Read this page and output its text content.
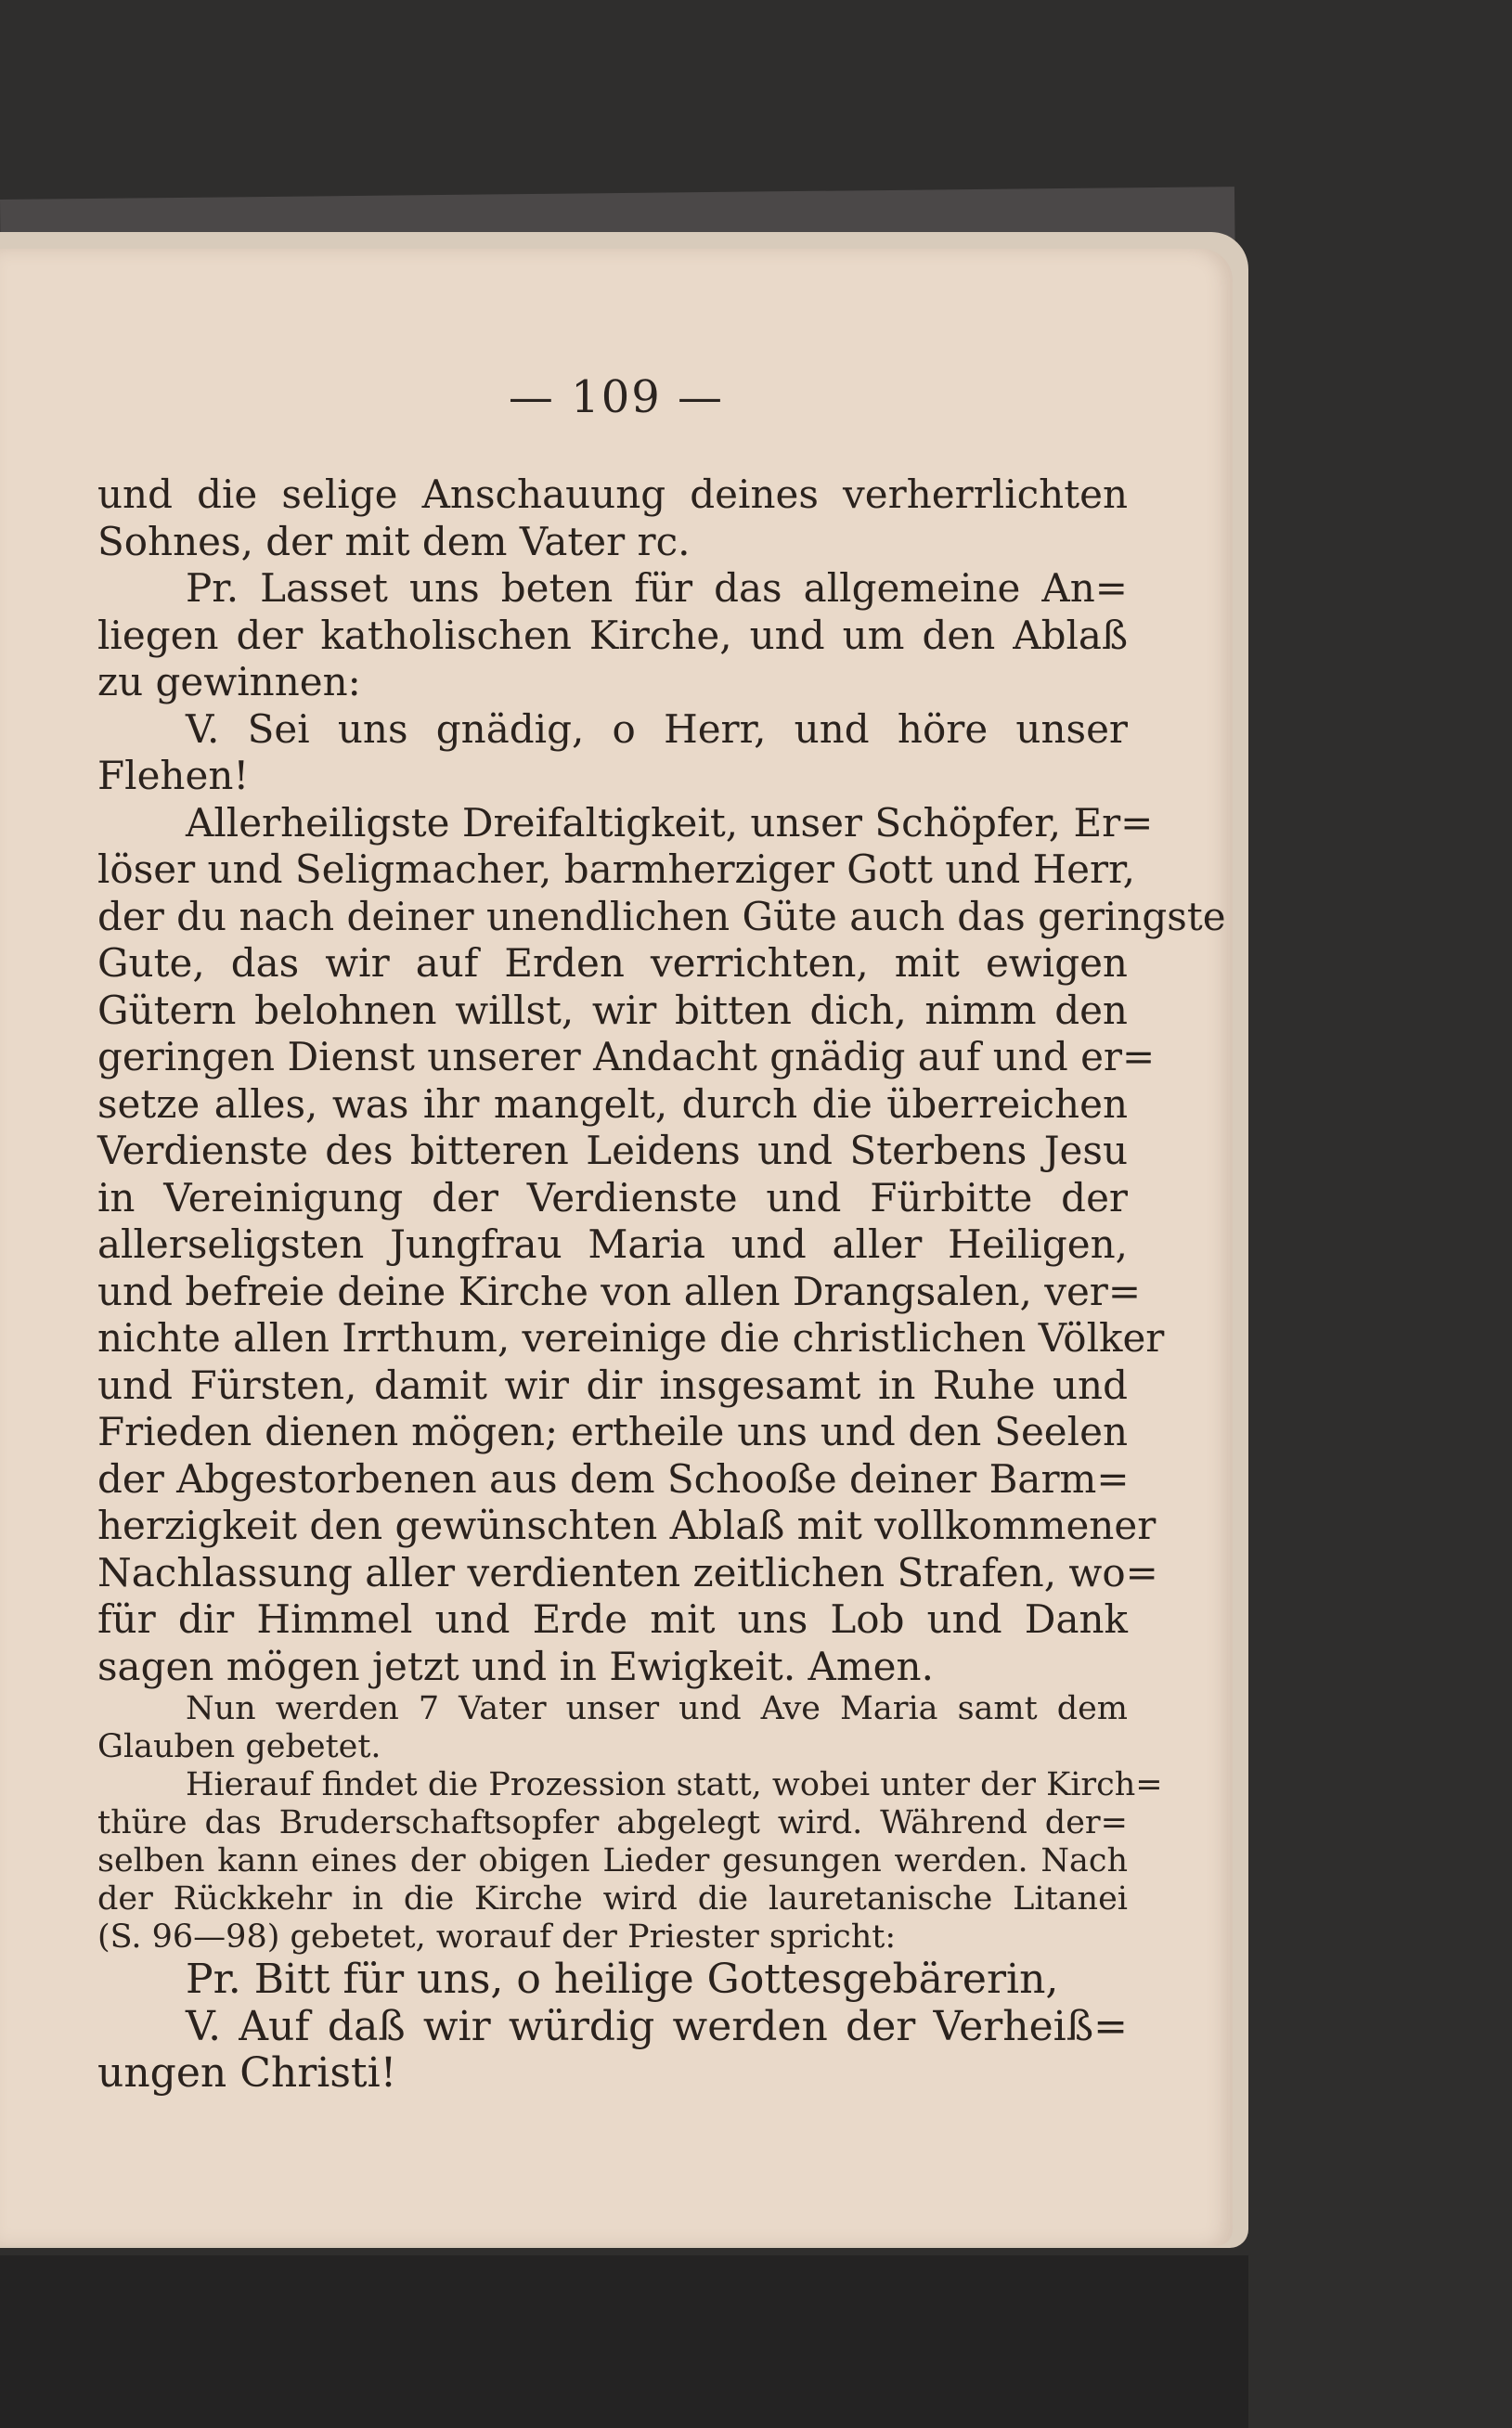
— 109 —
und die selige Anschauung deines verherrlichten
Sohnes, der mit dem Vater rc.
Pr. Lasset uns beten für das allgemeine An=
liegen der katholischen Kirche, und um den Ablaß
zu gewinnen:
V. Sei uns gnädig, o Herr, und höre unser
Flehen!
Allerheiligste Dreifaltigkeit, unser Schöpfer, Er=
löser und Seligmacher, barmherziger Gott und Herr,
der du nach deiner unendlichen Güte auch das geringste
Gute, das wir auf Erden verrichten, mit ewigen
Gütern belohnen willst, wir bitten dich, nimm den
geringen Dienst unserer Andacht gnädig auf und er=
setze alles, was ihr mangelt, durch die überreichen
Verdienste des bitteren Leidens und Sterbens Jesu
in Vereinigung der Verdienste und Fürbitte der
allerseligsten Jungfrau Maria und aller Heiligen,
und befreie deine Kirche von allen Drangsalen, ver=
nichte allen Irrthum, vereinige die christlichen Völker
und Fürsten, damit wir dir insgesamt in Ruhe und
Frieden dienen mögen; ertheile uns und den Seelen
der Abgestorbenen aus dem Schooße deiner Barm=
herzigkeit den gewünschten Ablaß mit vollkommener
Nachlassung aller verdienten zeitlichen Strafen, wo=
für dir Himmel und Erde mit uns Lob und Dank
sagen mögen jetzt und in Ewigkeit. Amen.
Nun werden 7 Vater unser und Ave Maria samt dem
Glauben gebetet.
Hierauf findet die Prozession statt, wobei unter der Kirch=
thüre das Bruderschaftsopfer abgelegt wird. Während der=
selben kann eines der obigen Lieder gesungen werden. Nach
der Rückkehr in die Kirche wird die lauretanische Litanei
(S. 96—98) gebetet, worauf der Priester spricht:
Pr. Bitt für uns, o heilige Gottesgebärerin,
V. Auf daß wir würdig werden der Verheiß=
ungen Christi!
